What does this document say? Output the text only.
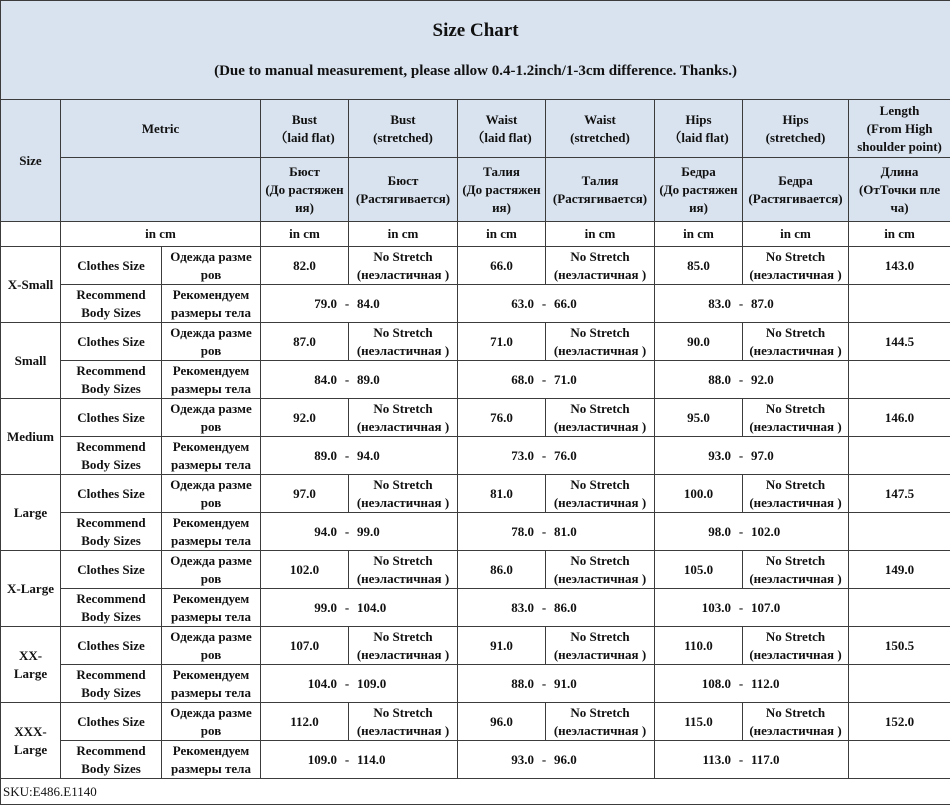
Size Chart

(Due to manual measurement, please allow 0.4-1.2inch/1-3cm difference. Thanks.)									

Size	Metric		Bust
（laid flat)	Bust
(stretched)	Waist
（laid flat)	Waist
(stretched)	Hips
（laid flat)	Hips
(stretched)	Length
(From High
shoulder point)
			Бюст
(До растяжен
ия)	Бюст
(Растягивается)	Талия
(До растяжен
ия)	Талия
(Растягивается)	Бедра
(До растяжен
ия)	Бедра
(Растягивается)	Длина
(ОтТочки пле
ча)
	in cm		in cm	in cm	in cm	in cm	in cm	in cm	in cm
X-Small	Clothes Size	Одежда разме
ров	82.0	No Stretch
(неэластичная )	66.0	No Stretch
(неэластичная )	85.0	No Stretch
(неэластичная )	143.0
	Recommend
Body Sizes	Рекомендуем
размеры тела	79.0 - 84.0		63.0 - 66.0		83.0 - 87.0		
Small	Clothes Size	Одежда разме
ров	87.0	No Stretch
(неэластичная )	71.0	No Stretch
(неэластичная )	90.0	No Stretch
(неэластичная )	144.5
	Recommend
Body Sizes	Рекомендуем
размеры тела	84.0 - 89.0		68.0 - 71.0		88.0 - 92.0		
Medium	Clothes Size	Одежда разме
ров	92.0	No Stretch
(неэластичная )	76.0	No Stretch
(неэластичная )	95.0	No Stretch
(неэластичная )	146.0
	Recommend
Body Sizes	Рекомендуем
размеры тела	89.0 - 94.0		73.0 - 76.0		93.0 - 97.0		
Large	Clothes Size	Одежда разме
ров	97.0	No Stretch
(неэластичная )	81.0	No Stretch
(неэластичная )	100.0	No Stretch
(неэластичная )	147.5
	Recommend
Body Sizes	Рекомендуем
размеры тела	94.0 - 99.0		78.0 - 81.0		98.0 - 102.0		
X-Large	Clothes Size	Одежда разме
ров	102.0	No Stretch
(неэластичная )	86.0	No Stretch
(неэластичная )	105.0	No Stretch
(неэластичная )	149.0
	Recommend
Body Sizes	Рекомендуем
размеры тела	99.0 - 104.0		83.0 - 86.0		103.0 - 107.0		
XX-
Large	Clothes Size	Одежда разме
ров	107.0	No Stretch
(неэластичная )	91.0	No Stretch
(неэластичная )	110.0	No Stretch
(неэластичная )	150.5
	Recommend
Body Sizes	Рекомендуем
размеры тела	104.0 - 109.0		88.0 - 91.0		108.0 - 112.0		
XXX-
Large	Clothes Size	Одежда разме
ров	112.0	No Stretch
(неэластичная )	96.0	No Stretch
(неэластичная )	115.0	No Stretch
(неэластичная )	152.0
	Recommend
Body Sizes	Рекомендуем
размеры тела	109.0 - 114.0		93.0 - 96.0		113.0 - 117.0		
SKU:E486.E1140									
